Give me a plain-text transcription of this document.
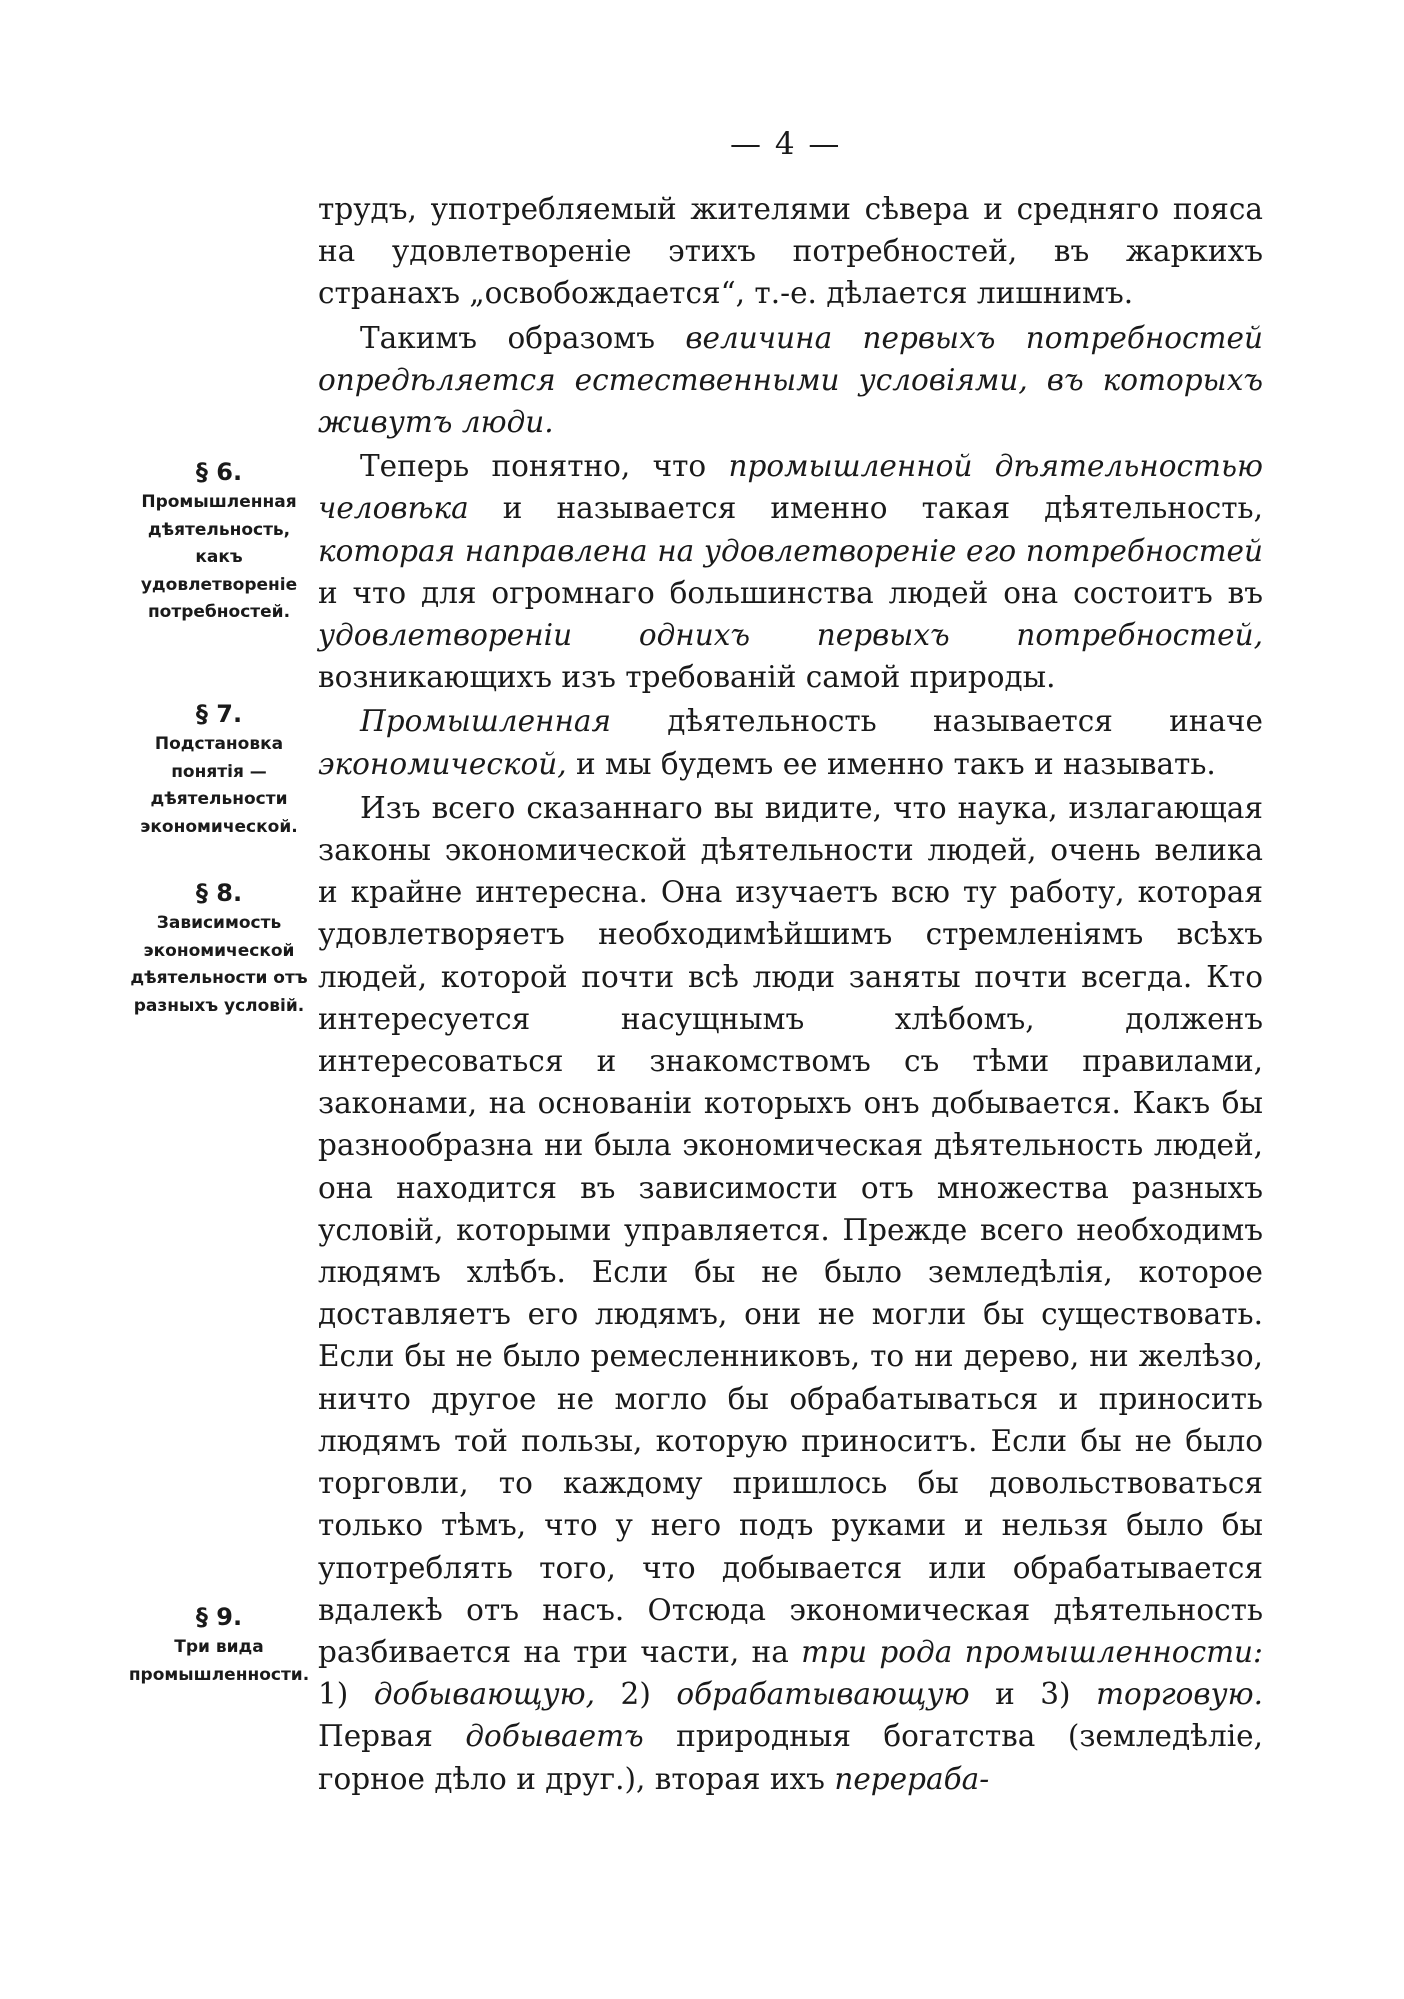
— 4 —

трудъ, употребляемый жителями сѣвера и средняго пояса на удовлетвореніе этихъ потребностей, въ жаркихъ странахъ „освобождается“, т.-е. дѣлается лишнимъ.

Такимъ образомъ величина первыхъ потребностей опредѣляется естественными условіями, въ которыхъ живутъ люди.

Теперь понятно, что промышленной дѣятельностью человѣка и называется именно такая дѣятельность, которая направлена на удовлетвореніе его потребностей и что для огромнаго большинства людей она состоитъ въ удовлетвореніи однихъ первыхъ потребностей, возникающихъ изъ требованій самой природы.

Промышленная дѣятельность называется иначе экономической, и мы будемъ ее именно такъ и называть.

Изъ всего сказаннаго вы видите, что наука, излагающая законы экономической дѣятельности людей, очень велика и крайне интересна. Она изучаетъ всю ту работу, которая удовлетворяетъ необходимѣйшимъ стремленіямъ всѣхъ людей, которой почти всѣ люди заняты почти всегда. Кто интересуется насущнымъ хлѣбомъ, долженъ интересоваться и знакомствомъ съ тѣми правилами, законами, на основаніи которыхъ онъ добывается. Какъ бы разнообразна ни была экономическая дѣятельность людей, она находится въ зависимости отъ множества разныхъ условій, которыми управляется. Прежде всего необходимъ людямъ хлѣбъ. Если бы не было земледѣлія, которое доставляетъ его людямъ, они не могли бы существовать. Если бы не было ремесленниковъ, то ни дерево, ни желѣзо, ничто другое не могло бы обрабатываться и приносить людямъ той пользы, которую приноситъ. Если бы не было торговли, то каждому пришлось бы довольствоваться только тѣмъ, что у него подъ руками и нельзя было бы употреблять того, что добывается или обрабатывается вдалекѣ отъ насъ. Отсюда экономическая дѣятельность разбивается на три части, на три рода промышленности: 1) добывающую, 2) обрабатывающую и 3) торговую. Первая добываетъ природныя богатства (земледѣліе, горное дѣло и друг.), вторая ихъ перераба-

§ 6.
Промышленная дѣятельность, какъ удовлетвореніе потребностей.
§ 7.
Подстановка понятія — дѣятельности экономической.
§ 8.
Зависимость экономической дѣятельности отъ разныхъ условій.
§ 9.
Три вида промышленности.
